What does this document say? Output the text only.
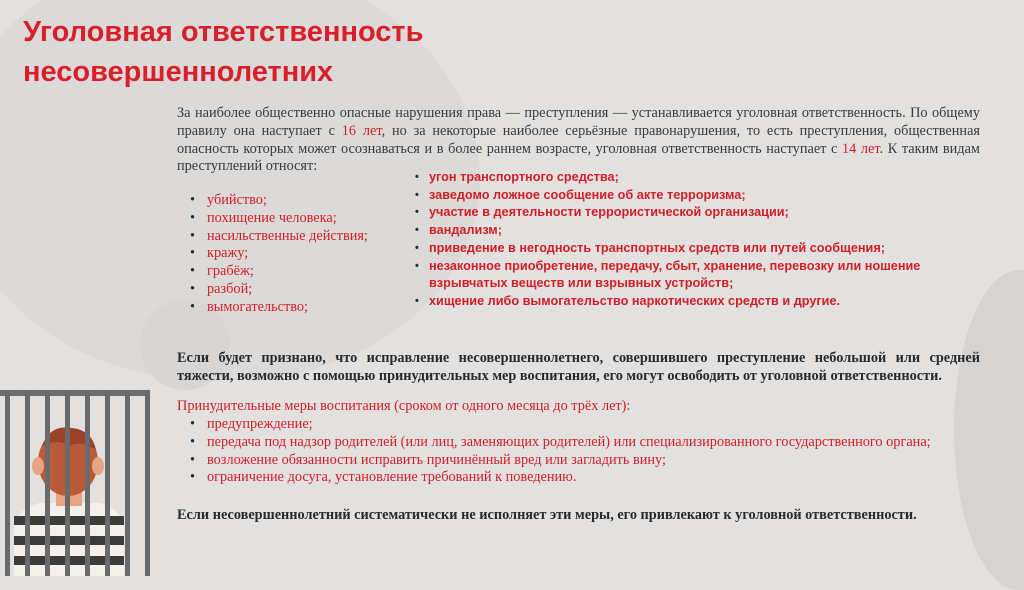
Уголовная ответственность
несовершеннолетних

За наиболее общественно опасные нарушения права — преступления — устанавливается уголовная ответственность. По общему правилу она наступает с 16 лет, но за некоторые наиболее серьёзные правонарушения, то есть преступления, общественная опасность которых может осознаваться и в более раннем возрасте, уголовная ответственность наступает с 14 лет. К таким видам преступлений относят:

• убийство;
• похищение человека;
• насильственные действия;
• кражу;
• грабёж;
• разбой;
• вымогательство;
• угон транспортного средства;
• заведомо ложное сообщение об акте терроризма;
• участие в деятельности террористической организации;
• вандализм;
• приведение в негодность транспортных средств или путей сообщения;
• незаконное приобретение, передачу, сбыт, хранение, перевозку или ношение взрывчатых веществ или взрывных устройств;
• хищение либо вымогательство наркотических средств и другие.

Если будет признано, что исправление несовершеннолетнего, совершившего преступление небольшой или средней тяжести, возможно с помощью принудительных мер воспитания, его могут освободить от уголовной ответственности.

Принудительные меры воспитания (сроком от одного месяца до трёх лет):

• предупреждение;
• передача под надзор родителей (или лиц, заменяющих родителей) или специализированного государственного органа;
• возложение обязанности исправить причинённый вред или загладить вину;
• ограничение досуга, установление требований к поведению.

Если несовершеннолетний систематически не исполняет эти меры, его привлекают к уголовной ответственности.
